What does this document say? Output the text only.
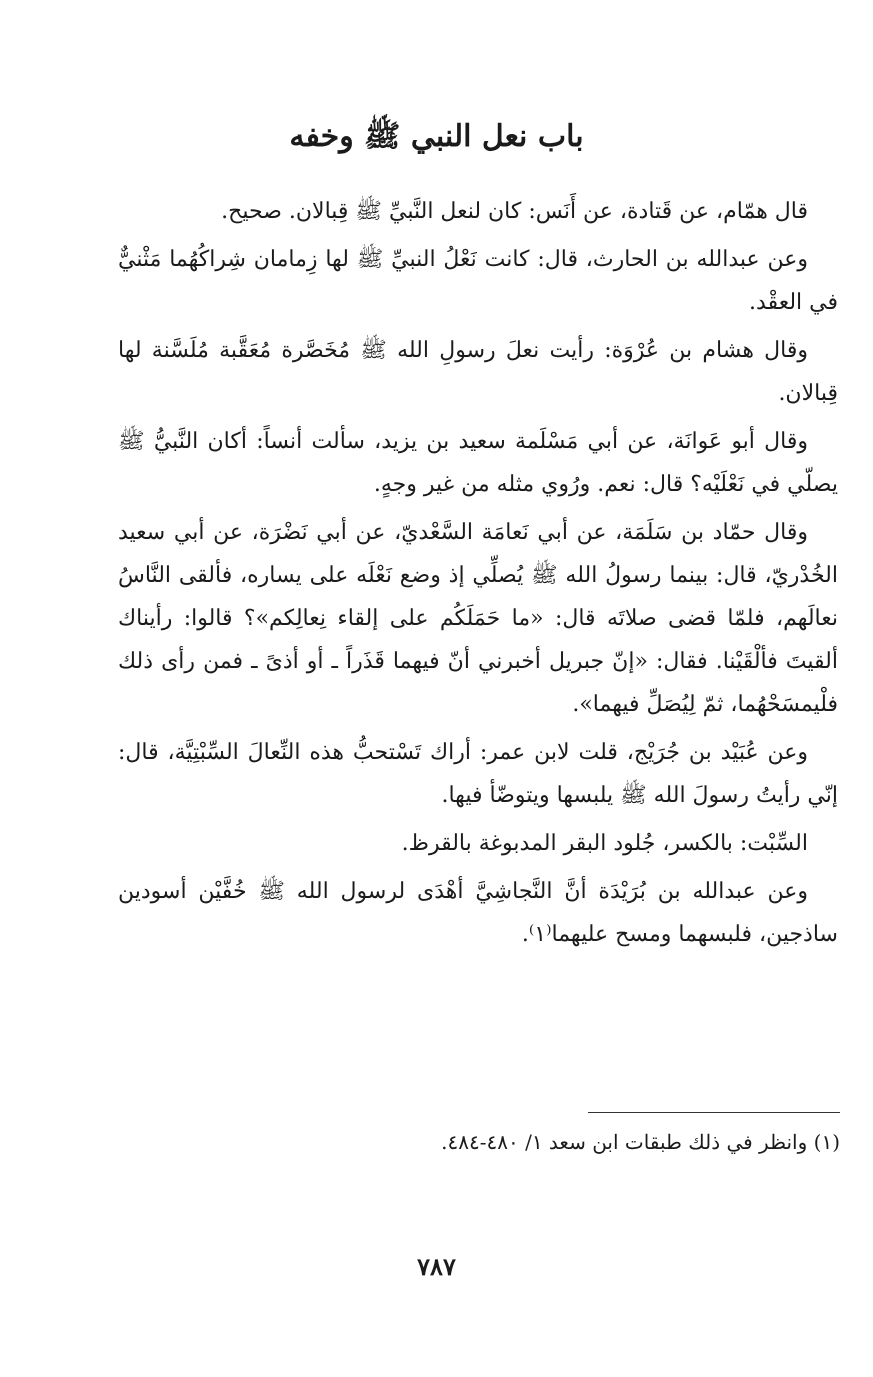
باب نعل النبي ﷺ وخفه

قال همّام، عن قَتادة، عن أَنَس: كان لنعل النَّبيِّ ﷺ قِبالان. صحيح.

وعن عبدالله بن الحارث، قال: كانت نَعْلُ النبيِّ ﷺ لها زِمامان شِراكُهُما مَثْنيٌّ في العقْد.

وقال هشام بن عُرْوَة: رأيت نعلَ رسولِ الله ﷺ مُخَصَّرة مُعَقَّبة مُلَسَّنة لها قِبالان.

وقال أبو عَوانَة، عن أبي مَسْلَمة سعيد بن يزيد، سألت أنساً: أكان النَّبيُّ ﷺ يصلّي في نَعْلَيْه؟ قال: نعم. ورُوي مثله من غير وجهٍ.

وقال حمّاد بن سَلَمَة، عن أبي نَعامَة السَّعْديّ، عن أبي نَضْرَة، عن أبي سعيد الخُدْريّ، قال: بينما رسولُ الله ﷺ يُصلِّي إذ وضع نَعْلَه على يساره، فألقى النَّاسُ نعالَهم، فلمّا قضى صلاتَه قال: «ما حَمَلَكُم على إلقاء نِعالِكم»؟ قالوا: رأيناك ألقيتَ فألْقَيْنا. فقال: «إنّ جبريل أخبرني أنّ فيهما قَذَراً ـ أو أذىً ـ فمن رأى ذلك فلْيمسَحْهُما، ثمّ لِيُصَلِّ فيهما».

وعن عُبَيْد بن جُرَيْج، قلت لابن عمر: أراك تَسْتحبُّ هذه النِّعالَ السِّبْتِيَّة، قال: إنّي رأيتُ رسولَ الله ﷺ يلبسها ويتوضّأ فيها.

السِّبْت: بالكسر، جُلود البقر المدبوغة بالقرظ.

وعن عبدالله بن بُرَيْدَة أنَّ النَّجاشِيَّ أهْدَى لرسول الله ﷺ خُفَّيْن أسودين ساذجين، فلبسهما ومسح عليهما⁽١⁾.

(١) وانظر في ذلك طبقات ابن سعد ١/ ٤٨٠-٤٨٤.

٧٨٧
